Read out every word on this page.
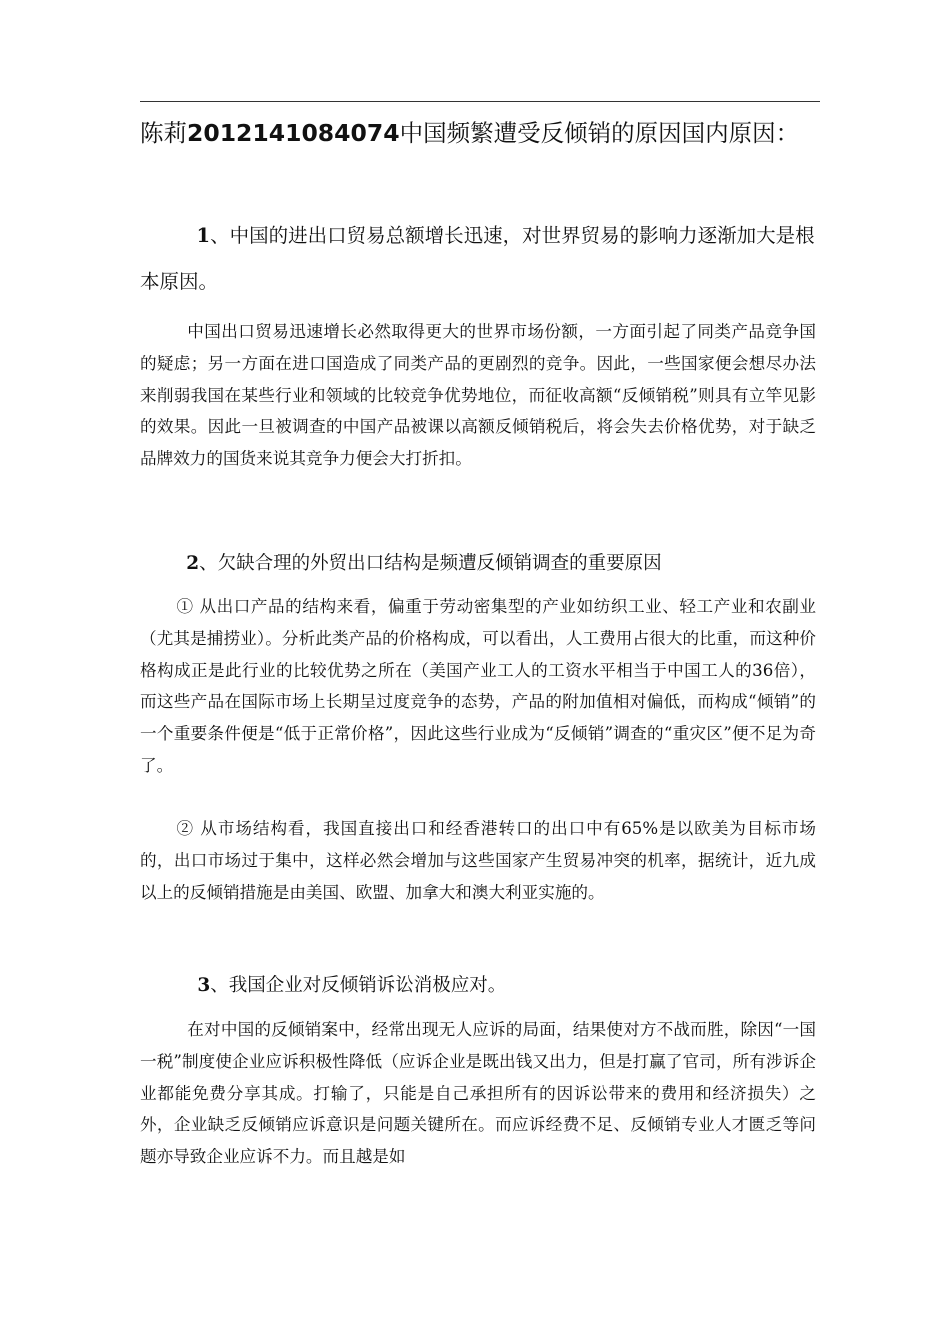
陈莉2012141084074中国频繁遭受反倾销的原因国内原因：
1、中国的进出口贸易总额增长迅速，对世界贸易的影响力逐渐加大是根本原因。

中国出口贸易迅速增长必然取得更大的世界市场份额，一方面引起了同类产品竞争国的疑虑；另一方面在进口国造成了同类产品的更剧烈的竞争。因此，一些国家便会想尽办法来削弱我国在某些行业和领域的比较竞争优势地位，而征收高额“反倾销税”则具有立竿见影的效果。因此一旦被调查的中国产品被课以高额反倾销税后，将会失去价格优势，对于缺乏品牌效力的国货来说其竞争力便会大打折扣。

2、欠缺合理的外贸出口结构是频遭反倾销调查的重要原因

① 从出口产品的结构来看，偏重于劳动密集型的产业如纺织工业、轻工产业和农副业（尤其是捕捞业）。分析此类产品的价格构成，可以看出，人工费用占很大的比重，而这种价格构成正是此行业的比较优势之所在（美国产业工人的工资水平相当于中国工人的36倍），而这些产品在国际市场上长期呈过度竞争的态势，产品的附加值相对偏低，而构成“倾销”的一个重要条件便是“低于正常价格”，因此这些行业成为“反倾销”调查的“重灾区”便不足为奇了。

② 从市场结构看，我国直接出口和经香港转口的出口中有65%是以欧美为目标市场的，出口市场过于集中，这样必然会增加与这些国家产生贸易冲突的机率，据统计，近九成以上的反倾销措施是由美国、欧盟、加拿大和澳大利亚实施的。

3、我国企业对反倾销诉讼消极应对。

在对中国的反倾销案中，经常出现无人应诉的局面，结果使对方不战而胜，除因“一国一税”制度使企业应诉积极性降低（应诉企业是既出钱又出力，但是打赢了官司，所有涉诉企业都能免费分享其成。打输了，只能是自己承担所有的因诉讼带来的费用和经济损失）之外，企业缺乏反倾销应诉意识是问题关键所在。而应诉经费不足、反倾销专业人才匮乏等问题亦导致企业应诉不力。而且越是如
